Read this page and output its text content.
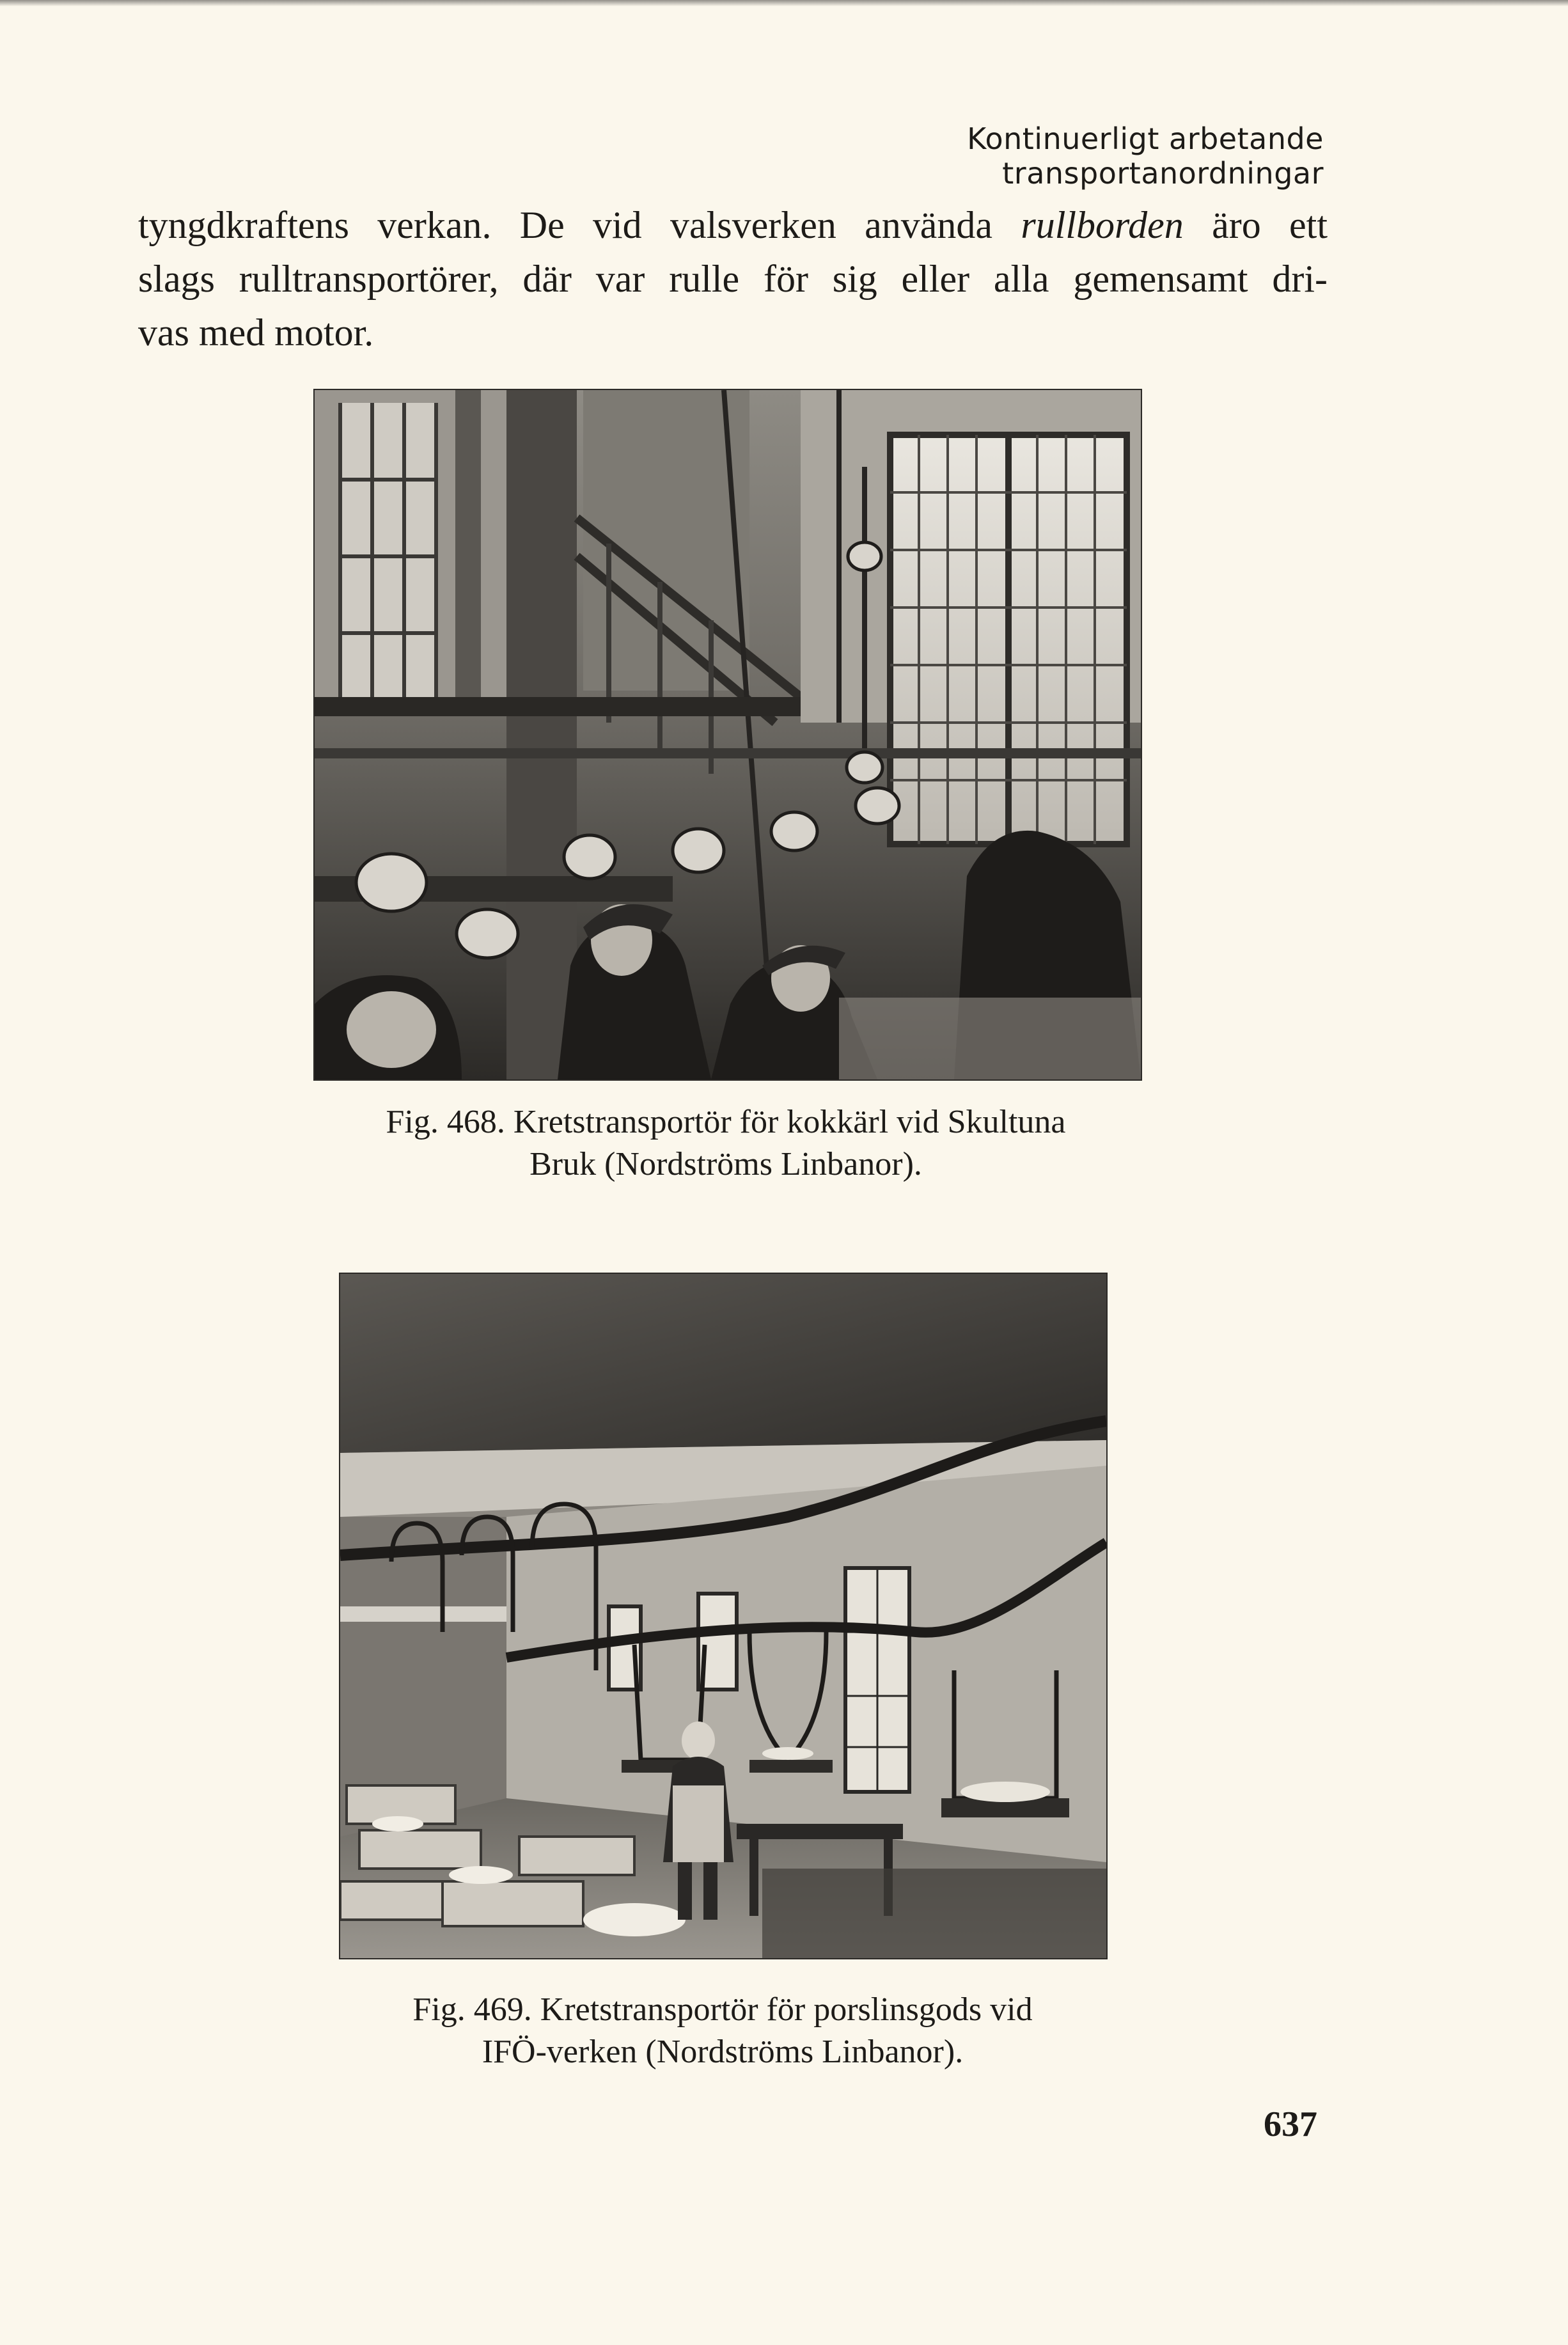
Kontinuerligt arbetande transportanordningar
tyngdkraftens verkan. De vid valsverken använda rullborden äro ett
slags rulltransportörer, där var rulle för sig eller alla gemensamt dri-
vas med motor.
Fig. 468. Kretstransportör för kokkärl vid Skultuna
Bruk (Nordströms Linbanor).
Fig. 469. Kretstransportör för porslinsgods vid
IFÖ-verken (Nordströms Linbanor).
637
